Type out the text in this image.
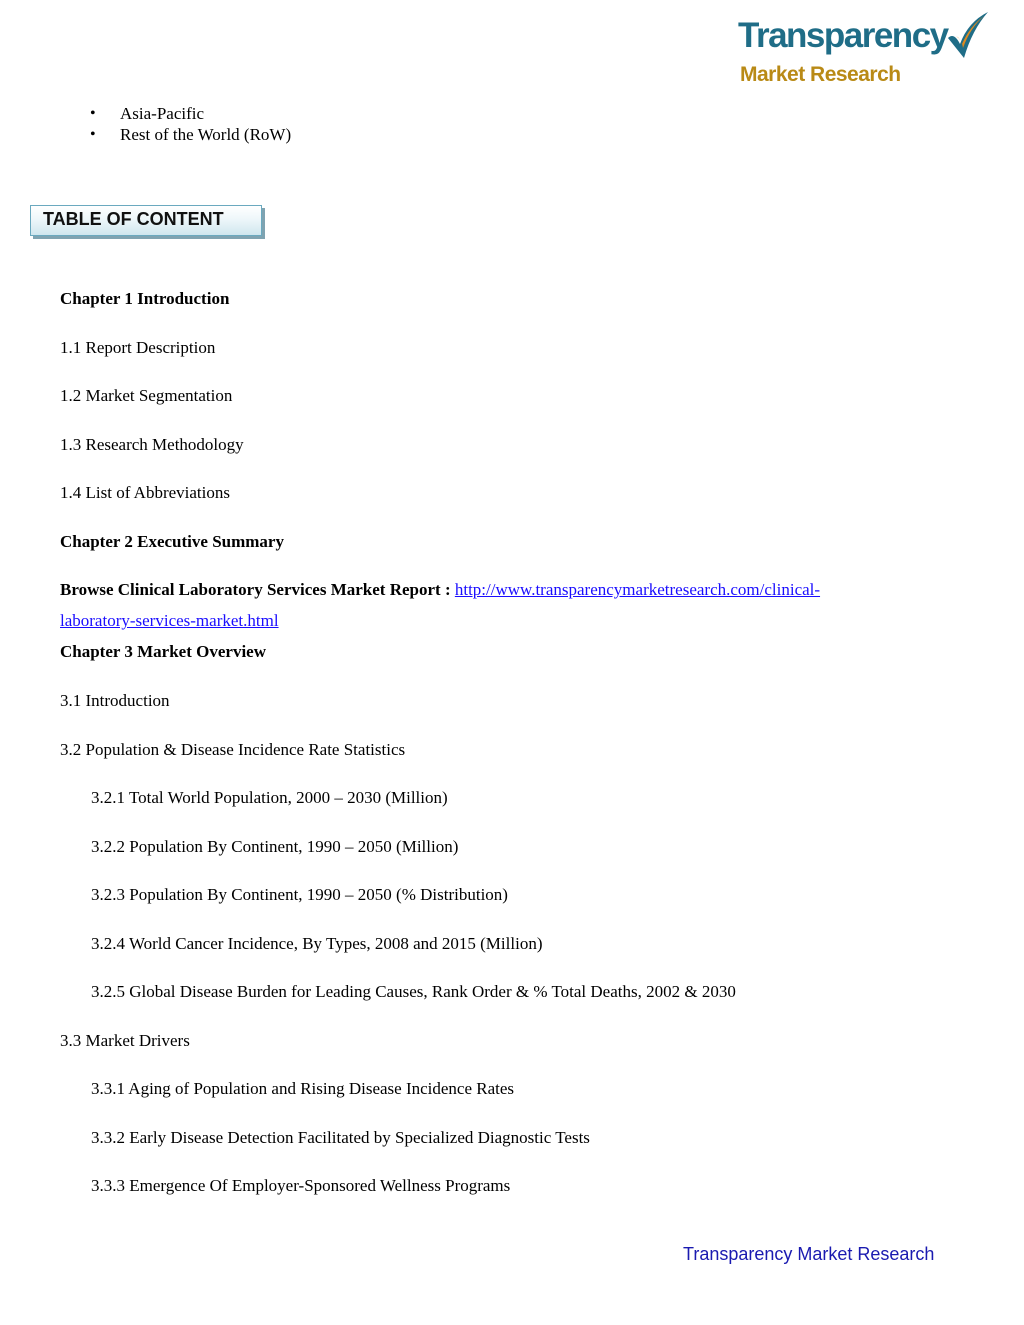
Transparency
Market Research
• Asia-Pacific
• Rest of the World (RoW)
TABLE OF CONTENT
Chapter 1 Introduction
1.1 Report Description
1.2 Market Segmentation
1.3 Research Methodology
1.4 List of Abbreviations
Chapter 2 Executive Summary
Browse Clinical Laboratory Services Market Report : http://www.transparencymarketresearch.com/clinical-
laboratory-services-market.html
Chapter 3 Market Overview
3.1 Introduction
3.2 Population & Disease Incidence Rate Statistics
3.2.1 Total World Population, 2000 – 2030 (Million)
3.2.2 Population By Continent, 1990 – 2050 (Million)
3.2.3 Population By Continent, 1990 – 2050 (% Distribution)
3.2.4 World Cancer Incidence, By Types, 2008 and 2015 (Million)
3.2.5 Global Disease Burden for Leading Causes, Rank Order & % Total Deaths, 2002 & 2030
3.3 Market Drivers
3.3.1 Aging of Population and Rising Disease Incidence Rates
3.3.2 Early Disease Detection Facilitated by Specialized Diagnostic Tests
3.3.3 Emergence Of Employer-Sponsored Wellness Programs
Transparency Market Research
